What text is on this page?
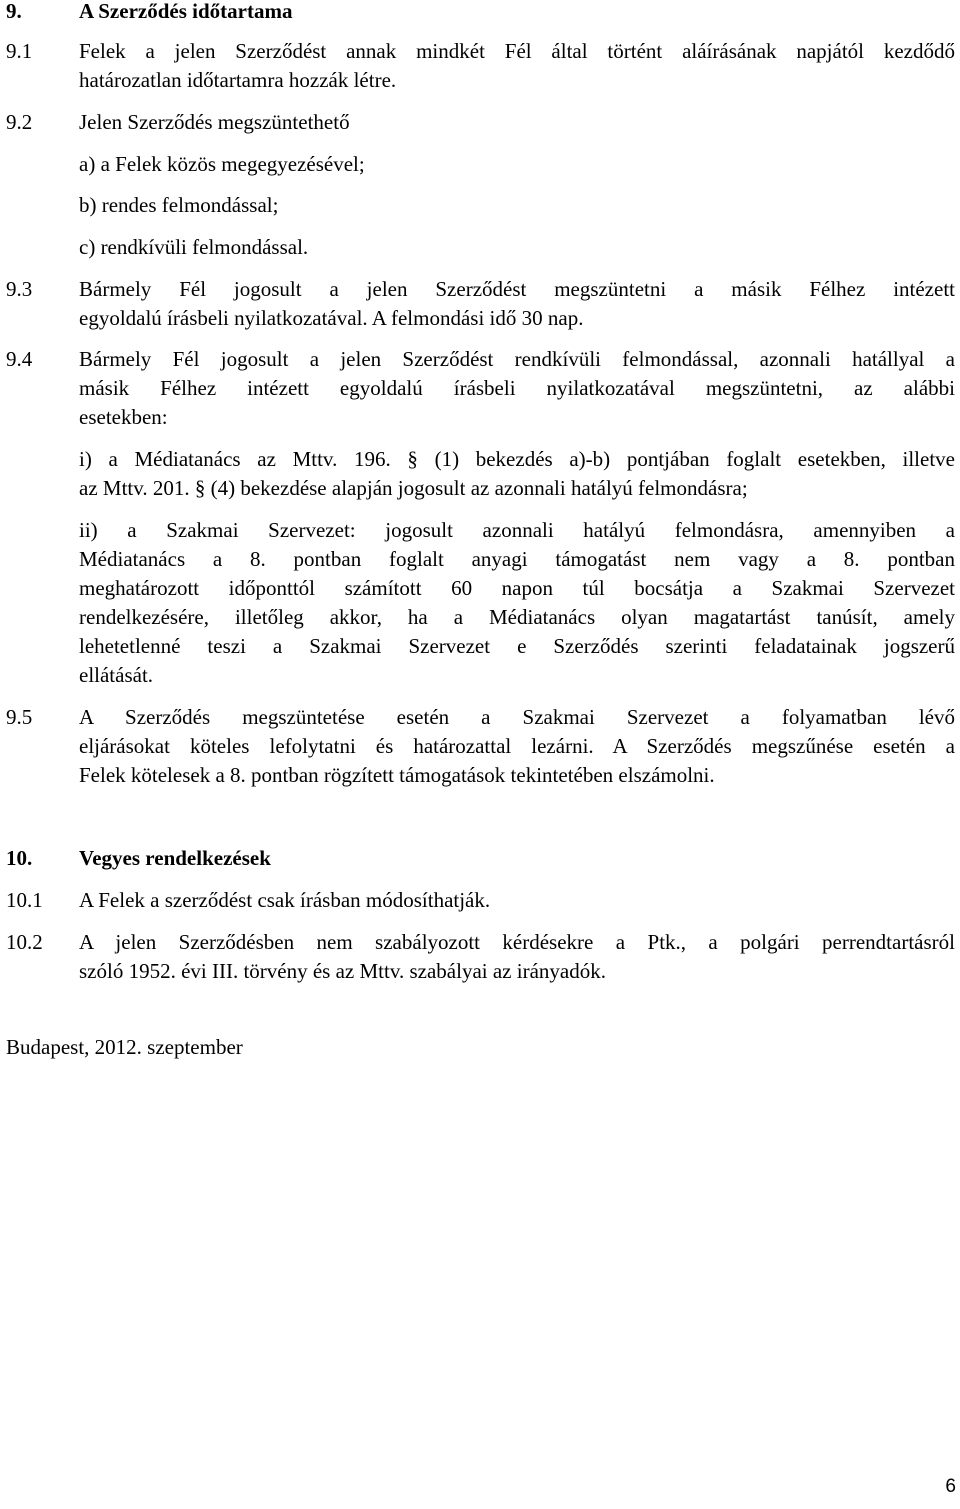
9.	A Szerződés időtartama
9.1 Felek a jelen Szerződést annak mindkét Fél által történt aláírásának napjától kezdődő
határozatlan időtartamra hozzák létre.
9.2 Jelen Szerződés megszüntethető
a) a Felek közös megegyezésével;
b) rendes felmondással;
c) rendkívüli felmondással.
9.3 Bármely Fél jogosult a jelen Szerződést megszüntetni a másik Félhez intézett
egyoldalú írásbeli nyilatkozatával. A felmondási idő 30 nap.
9.4 Bármely Fél jogosult a jelen Szerződést rendkívüli felmondással, azonnali hatállyal a
másik Félhez intézett egyoldalú írásbeli nyilatkozatával megszüntetni, az alábbi
esetekben:
i) a Médiatanács az Mttv. 196. § (1) bekezdés a)-b) pontjában foglalt esetekben, illetve
az Mttv. 201. § (4) bekezdése alapján jogosult az azonnali hatályú felmondásra;
ii) a Szakmai Szervezet: jogosult azonnali hatályú felmondásra, amennyiben a
Médiatanács a 8. pontban foglalt anyagi támogatást nem vagy a 8. pontban
meghatározott időponttól számított 60 napon túl bocsátja a Szakmai Szervezet
rendelkezésére, illetőleg akkor, ha a Médiatanács olyan magatartást tanúsít, amely
lehetetlenné teszi a Szakmai Szervezet e Szerződés szerinti feladatainak jogszerű
ellátását.
9.5 A Szerződés megszüntetése esetén a Szakmai Szervezet a folyamatban lévő
eljárásokat köteles lefolytatni és határozattal lezárni. A Szerződés megszűnése esetén a
Felek kötelesek a 8. pontban rögzített támogatások tekintetében elszámolni.
10. Vegyes rendelkezések
10.1 A Felek a szerződést csak írásban módosíthatják.
10.2 A jelen Szerződésben nem szabályozott kérdésekre a Ptk., a polgári perrendtartásról
szóló 1952. évi III. törvény és az Mttv. szabályai az irányadók.
Budapest, 2012. szeptember
6
